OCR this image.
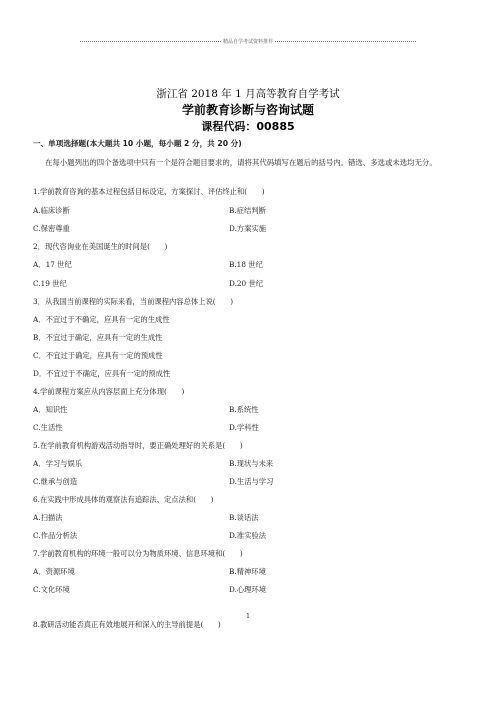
精品自学考试资料推荐
浙江省 2018 年 1 月高等教育自学考试
学前教育诊断与咨询试题
课程代码：00885
一、单项选择题(本大题共 10 小题，每小题 2 分，共 20 分)
在每小题列出的四个备选项中只有一个是符合题目要求的，请将其代码填写在题后的括号内。错选、多选或未选均无分。
1.学前教育咨询的基本过程包括目标设定、方案探讨、评估终止和(　　)
A.临床诊断	B.症结判断
C.保密尊重	D.方案实施
2．现代咨询业在美国诞生的时间是(　　)
A．17 世纪	B.18 世纪
C.19 世纪	D.20 世纪
3．从我国当前课程的实际来看，当前课程内容总体上说(　　)
A．不宜过于不确定，应具有一定的生成性
B．不宜过于确定，应具有一定的生成性
C．不宜过于确定，应具有一定的预成性
D．不宜过于不确定，应具有一定的预成性
4.学前课程方案应从内容层面上充分体现(　　)
A．知识性	B.系统性
C.生活性	D.学科性
5.在学前教育机构游戏活动指导时，要正确处理好的关系是(　　)
A．学习与娱乐	B.现状与未来
C.继承与创造	D.生活与学习
6.在实践中形成具体的观察法有追踪法、定点法和(　　)
A.扫描法	B.谈话法
C.作品分析法	D.准实验法
7.学前教育机构的环境一般可以分为物质环境、信息环境和(　　)
A．资源环境	B.精神环境
C.文化环境	D.心理环境
8.教研活动能否真正有效地展开和深入的主导前提是(　　)
1
